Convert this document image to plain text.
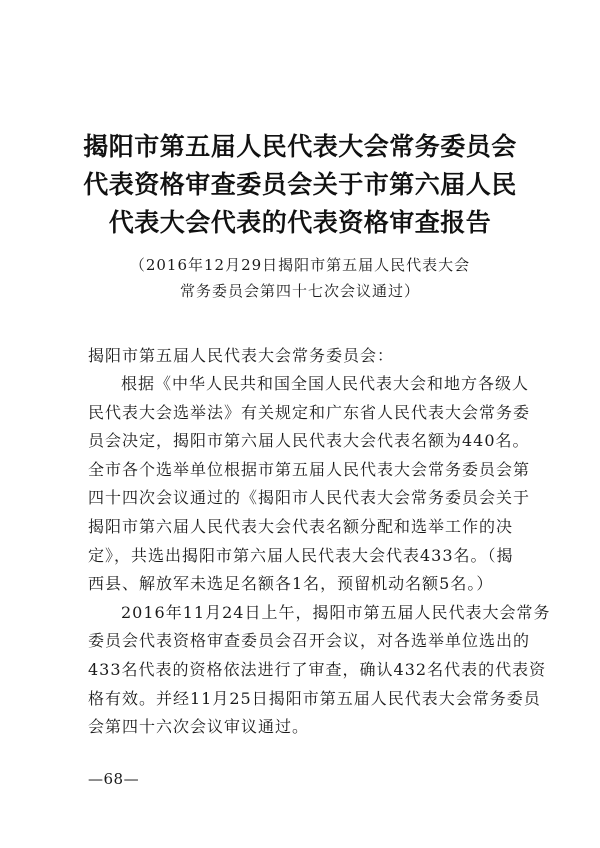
揭阳市第五届人民代表大会常务委员会
代表资格审查委员会关于市第六届人民
代表大会代表的代表资格审查报告
（2016年12月29日揭阳市第五届人民代表大会
常务委员会第四十七次会议通过）
揭阳市第五届人民代表大会常务委员会：
根据《中华人民共和国全国人民代表大会和地方各级人
民代表大会选举法》有关规定和广东省人民代表大会常务委
员会决定，揭阳市第六届人民代表大会代表名额为440名。
全市各个选举单位根据市第五届人民代表大会常务委员会第
四十四次会议通过的《揭阳市人民代表大会常务委员会关于
揭阳市第六届人民代表大会代表名额分配和选举工作的决
定》，共选出揭阳市第六届人民代表大会代表433名。（揭
西县、解放军未选足名额各1名，预留机动名额5名。）
2016年11月24日上午，揭阳市第五届人民代表大会常务
委员会代表资格审查委员会召开会议，对各选举单位选出的
433名代表的资格依法进行了审查，确认432名代表的代表资
格有效。并经11月25日揭阳市第五届人民代表大会常务委员
会第四十六次会议审议通过。
—68—
